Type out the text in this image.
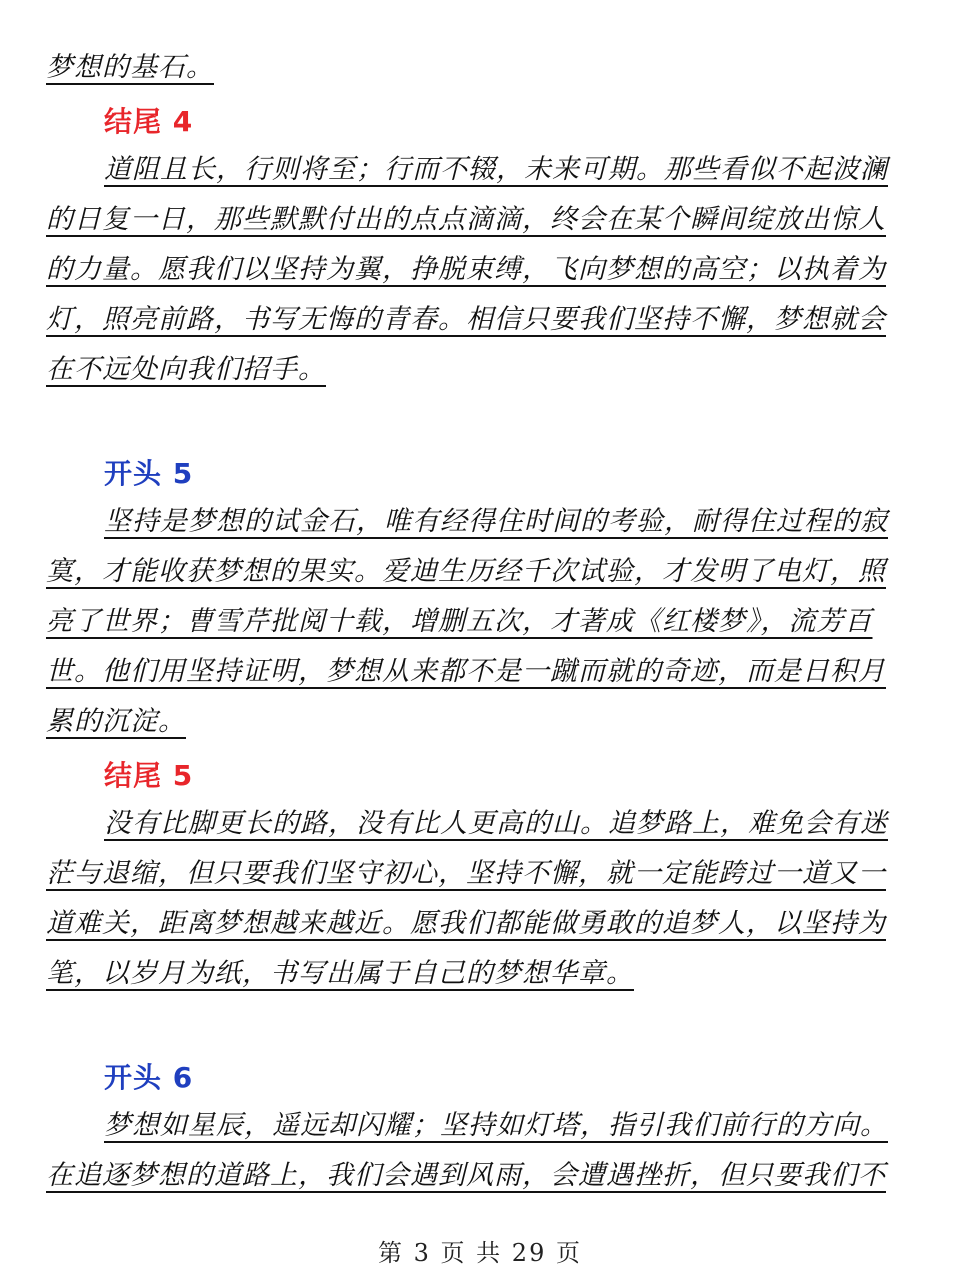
梦想的基石。
结尾 4
道阻且长，行则将至；行而不辍，未来可期。那些看似不起波澜
的日复一日，那些默默付出的点点滴滴，终会在某个瞬间绽放出惊人
的力量。愿我们以坚持为翼，挣脱束缚，飞向梦想的高空；以执着为
灯，照亮前路，书写无悔的青春。相信只要我们坚持不懈，梦想就会
在不远处向我们招手。
开头 5
坚持是梦想的试金石，唯有经得住时间的考验，耐得住过程的寂
寞，才能收获梦想的果实。爱迪生历经千次试验，才发明了电灯，照
亮了世界；曹雪芹批阅十载，增删五次，才著成《红楼梦》，流芳百
世。他们用坚持证明，梦想从来都不是一蹴而就的奇迹，而是日积月
累的沉淀。
结尾 5
没有比脚更长的路，没有比人更高的山。追梦路上，难免会有迷
茫与退缩，但只要我们坚守初心，坚持不懈，就一定能跨过一道又一
道难关，距离梦想越来越近。愿我们都能做勇敢的追梦人，以坚持为
笔，以岁月为纸，书写出属于自己的梦想华章。
开头 6
梦想如星辰，遥远却闪耀；坚持如灯塔，指引我们前行的方向。
在追逐梦想的道路上，我们会遇到风雨，会遭遇挫折，但只要我们不
第 3 页 共 29 页
